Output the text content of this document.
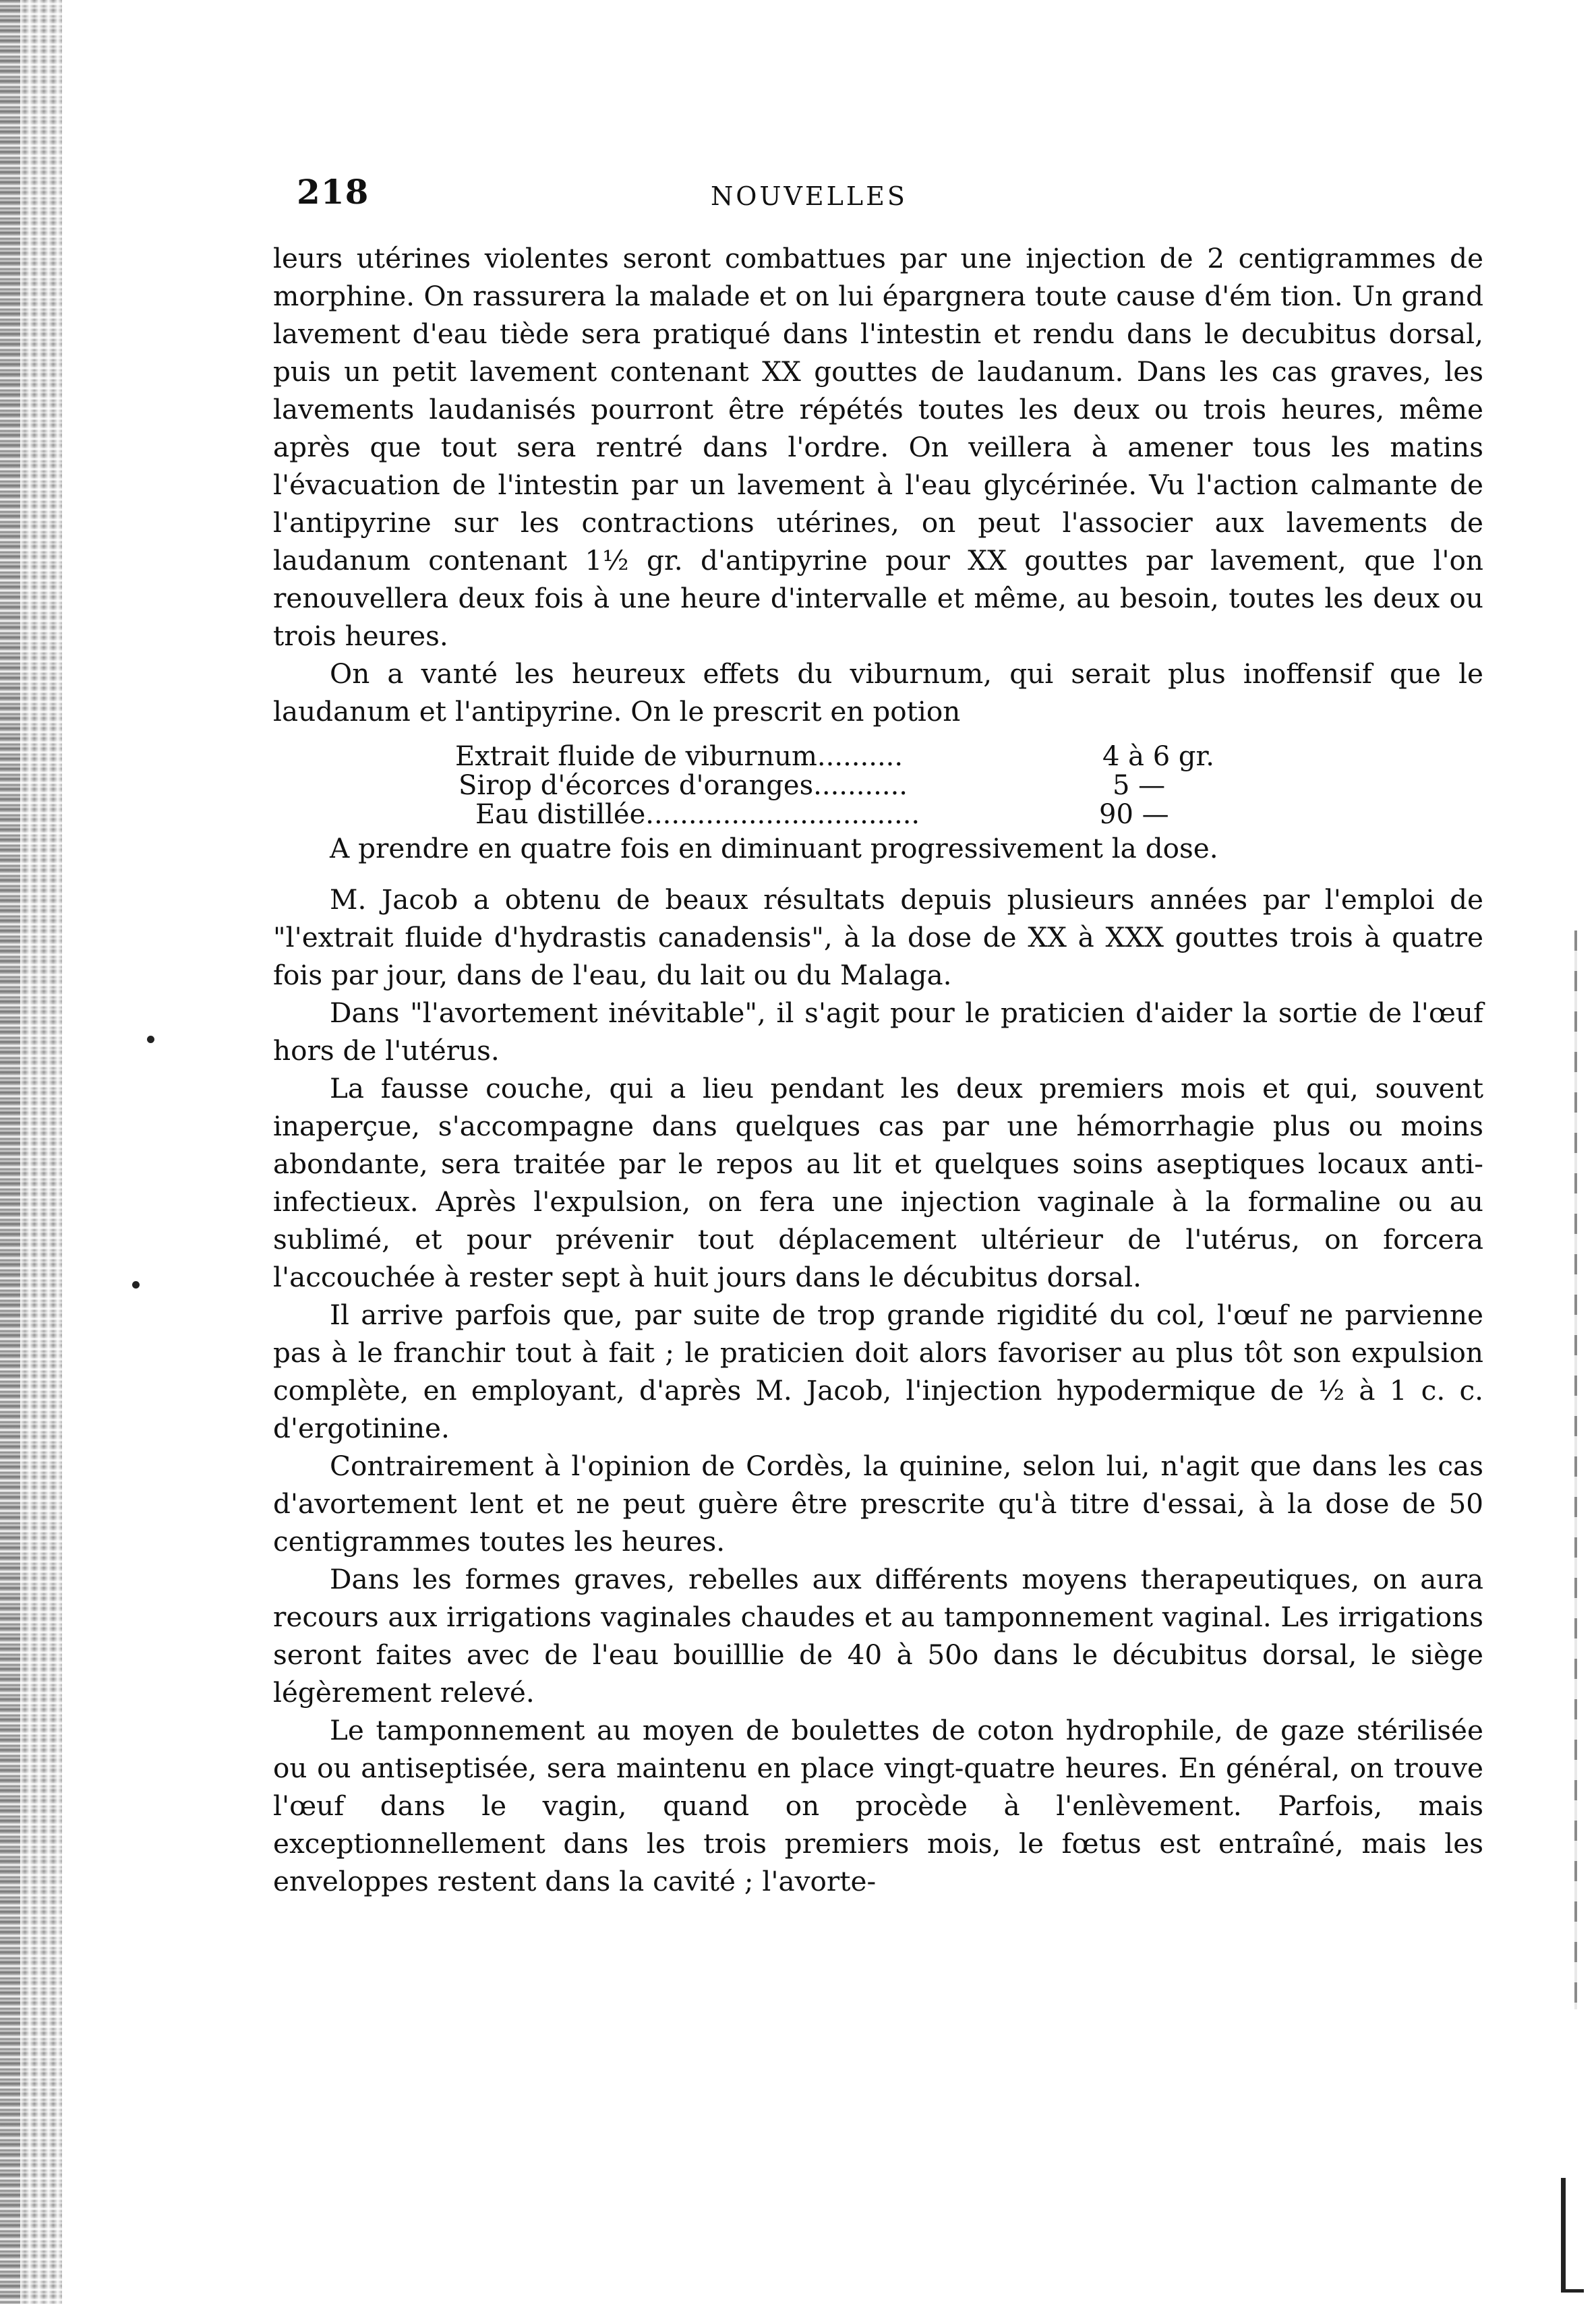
218	NOUVELLES

leurs utérines violentes seront combattues par une injection de 2 centigrammes de morphine. On rassurera la malade et on lui épargnera toute cause d'ém tion. Un grand lavement d'eau tiède sera pratiqué dans l'intestin et rendu dans le decubitus dorsal, puis un petit lavement contenant XX gouttes de laudanum. Dans les cas graves, les lavements laudanisés pourront être répétés toutes les deux ou trois heures, même après que tout sera rentré dans l'ordre. On veillera à amener tous les matins l'évacuation de l'intestin par un lavement à l'eau glycérinée. Vu l'action calmante de l'antipyrine sur les contractions utérines, on peut l'associer aux lavements de laudanum contenant 1½ gr. d'antipyrine pour XX gouttes par lavement, que l'on renouvellera deux fois à une heure d'intervalle et même, au besoin, toutes les deux ou trois heures.

On a vanté les heureux effets du viburnum, qui serait plus inoffensif que le laudanum et l'antipyrine. On le prescrit en potion

Extrait fluide de viburnum..........	4 à 6 gr.
Sirop d'écorces d'oranges...........	5 —
Eau distillée................................	90 —

A prendre en quatre fois en diminuant progressivement la dose.

M. Jacob a obtenu de beaux résultats depuis plusieurs années par l'emploi de "l'extrait fluide d'hydrastis canadensis", à la dose de XX à XXX gouttes trois à quatre fois par jour, dans de l'eau, du lait ou du Malaga.

Dans "l'avortement inévitable", il s'agit pour le praticien d'aider la sortie de l'œuf hors de l'utérus.

La fausse couche, qui a lieu pendant les deux premiers mois et qui, souvent inaperçue, s'accompagne dans quelques cas par une hémorrhagie plus ou moins abondante, sera traitée par le repos au lit et quelques soins aseptiques locaux anti-infectieux. Après l'expulsion, on fera une injection vaginale à la formaline ou au sublimé, et pour prévenir tout déplacement ultérieur de l'utérus, on forcera l'accouchée à rester sept à huit jours dans le décubitus dorsal.

Il arrive parfois que, par suite de trop grande rigidité du col, l'œuf ne parvienne pas à le franchir tout à fait ; le praticien doit alors favoriser au plus tôt son expulsion complète, en employant, d'après M. Jacob, l'injection hypodermique de ½ à 1 c. c. d'ergotinine.

Contrairement à l'opinion de Cordès, la quinine, selon lui, n'agit que dans les cas d'avortement lent et ne peut guère être prescrite qu'à titre d'essai, à la dose de 50 centigrammes toutes les heures.

Dans les formes graves, rebelles aux différents moyens therapeutiques, on aura recours aux irrigations vaginales chaudes et au tamponnement vaginal. Les irrigations seront faites avec de l'eau bouilllie de 40 à 50o dans le décubitus dorsal, le siège légèrement relevé.

Le tamponnement au moyen de boulettes de coton hydrophile, de gaze stérilisée ou ou antiseptisée, sera maintenu en place vingt-quatre heures. En général, on trouve l'œuf dans le vagin, quand on procède à l'enlèvement. Parfois, mais exceptionnellement dans les trois premiers mois, le fœtus est entraîné, mais les enveloppes restent dans la cavité ; l'avorte-
